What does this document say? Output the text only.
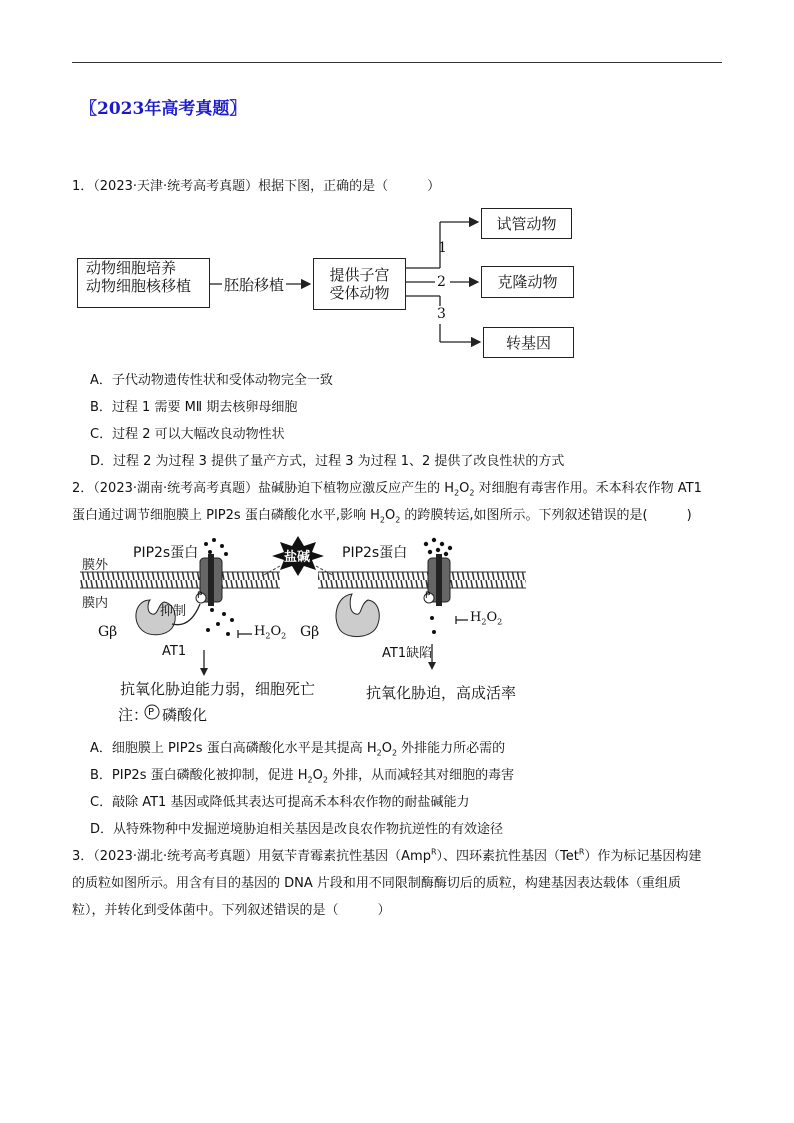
〖2023年高考真题〗
1．（2023·天津·统考高考真题）根据下图，正确的是（　　　）
动物细胞培养
动物细胞核移植 胚胎移植
提供子宫
受体动物
1
2
3
试管动物
克隆动物
转基因
A．子代动物遗传性状和受体动物完全一致
B．过程 1 需要 MⅡ 期去核卵母细胞
C．过程 2 可以大幅改良动物性状
D．过程 2 为过程 3 提供了量产方式，过程 3 为过程 1、2 提供了改良性状的方式
2．（2023·湖南·统考高考真题）盐碱胁迫下植物应激反应产生的 $H_2O_2$ 对细胞有毒害作用。禾本科农作物 AT1
蛋白通过调节细胞膜上 PIP2s 蛋白磷酸化水平,影响 $H_2O_2$ 的跨膜转运,如图所示。下列叙述错误的是(　　　)
膜外
膜内
PIP2s蛋白	PIP2s蛋白
盐碱
抑制
Gβ	Gβ
AT1	AT1缺陷
$H_2O_2$
$H_2O_2$
P	P
抗氧化胁迫能力弱，细胞死亡	抗氧化胁迫，高成活率
注： P 磷酸化
A．细胞膜上 PIP2s 蛋白高磷酸化水平是其提高 $H_2O_2$ 外排能力所必需的
B．PIP2s 蛋白磷酸化被抑制，促进 $H_2O_2$ 外排，从而减轻其对细胞的毒害
C．敲除 AT1 基因或降低其表达可提高禾本科农作物的耐盐碱能力
D．从特殊物种中发掘逆境胁迫相关基因是改良农作物抗逆性的有效途径
3．（2023·湖北·统考高考真题）用氨苄青霉素抗性基因（Amp$^R$）、四环素抗性基因（Tet$^R$）作为标记基因构建
的质粒如图所示。用含有目的基因的 DNA 片段和用不同限制酶酶切后的质粒，构建基因表达载体（重组质
粒），并转化到受体菌中。下列叙述错误的是（　　　）
